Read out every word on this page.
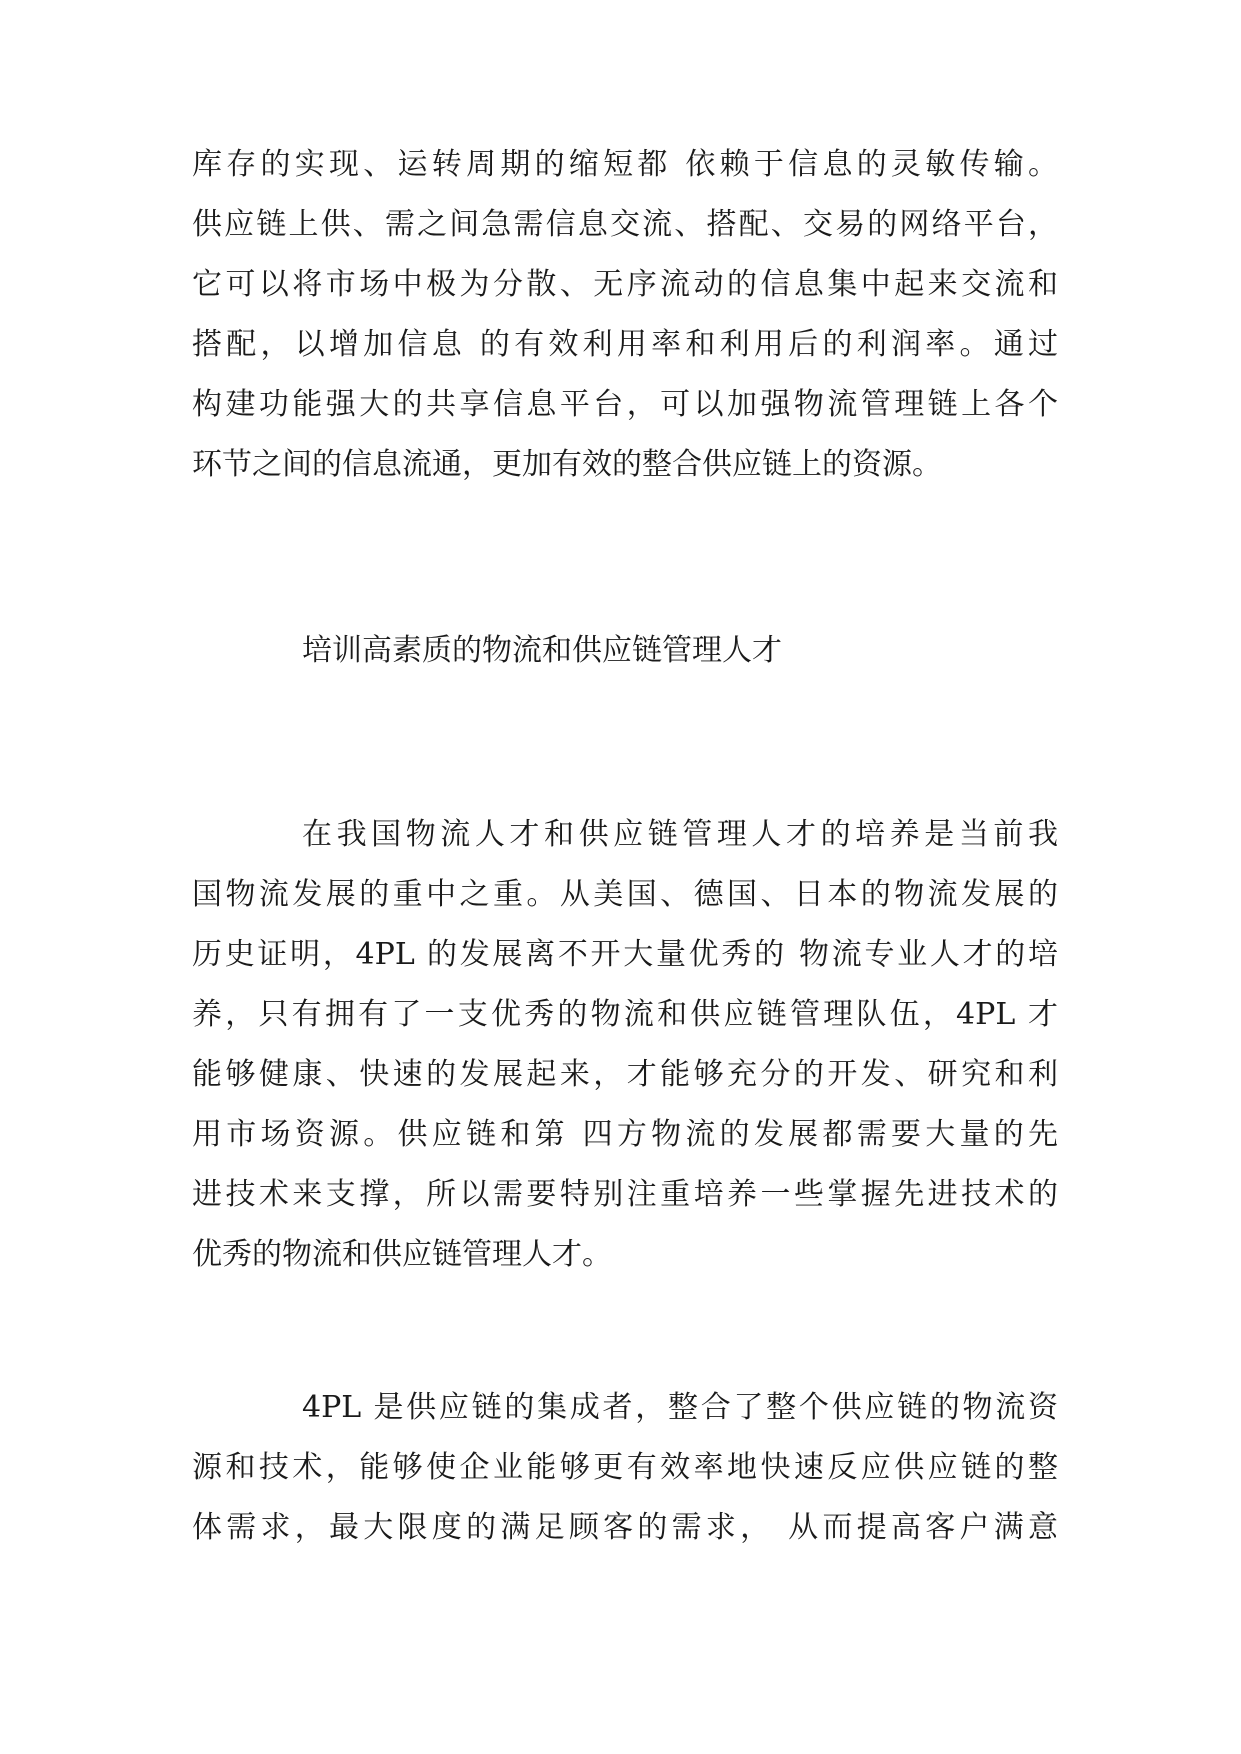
库存的实现、运转周期的缩短都 依赖于信息的灵敏传输。
供应链上供、需之间急需信息交流、搭配、交易的网络平台，
它可以将市场中极为分散、无序流动的信息集中起来交流和
搭配，以增加信息 的有效利用率和利用后的利润率。通过
构建功能强大的共享信息平台，可以加强物流管理链上各个
环节之间的信息流通，更加有效的整合供应链上的资源。
培训高素质的物流和供应链管理人才
在我国物流人才和供应链管理人才的培养是当前我
国物流发展的重中之重。从美国、德国、日本的物流发展的
历史证明，4PL 的发展离不开大量优秀的 物流专业人才的培
养，只有拥有了一支优秀的物流和供应链管理队伍，4PL 才
能够健康、快速的发展起来，才能够充分的开发、研究和利
用市场资源。供应链和第 四方物流的发展都需要大量的先
进技术来支撑，所以需要特别注重培养一些掌握先进技术的
优秀的物流和供应链管理人才。
4PL 是供应链的集成者，整合了整个供应链的物流资
源和技术，能够使企业能够更有效率地快速反应供应链的整
体需求，最大限度的满足顾客的需求， 从而提高客户满意
